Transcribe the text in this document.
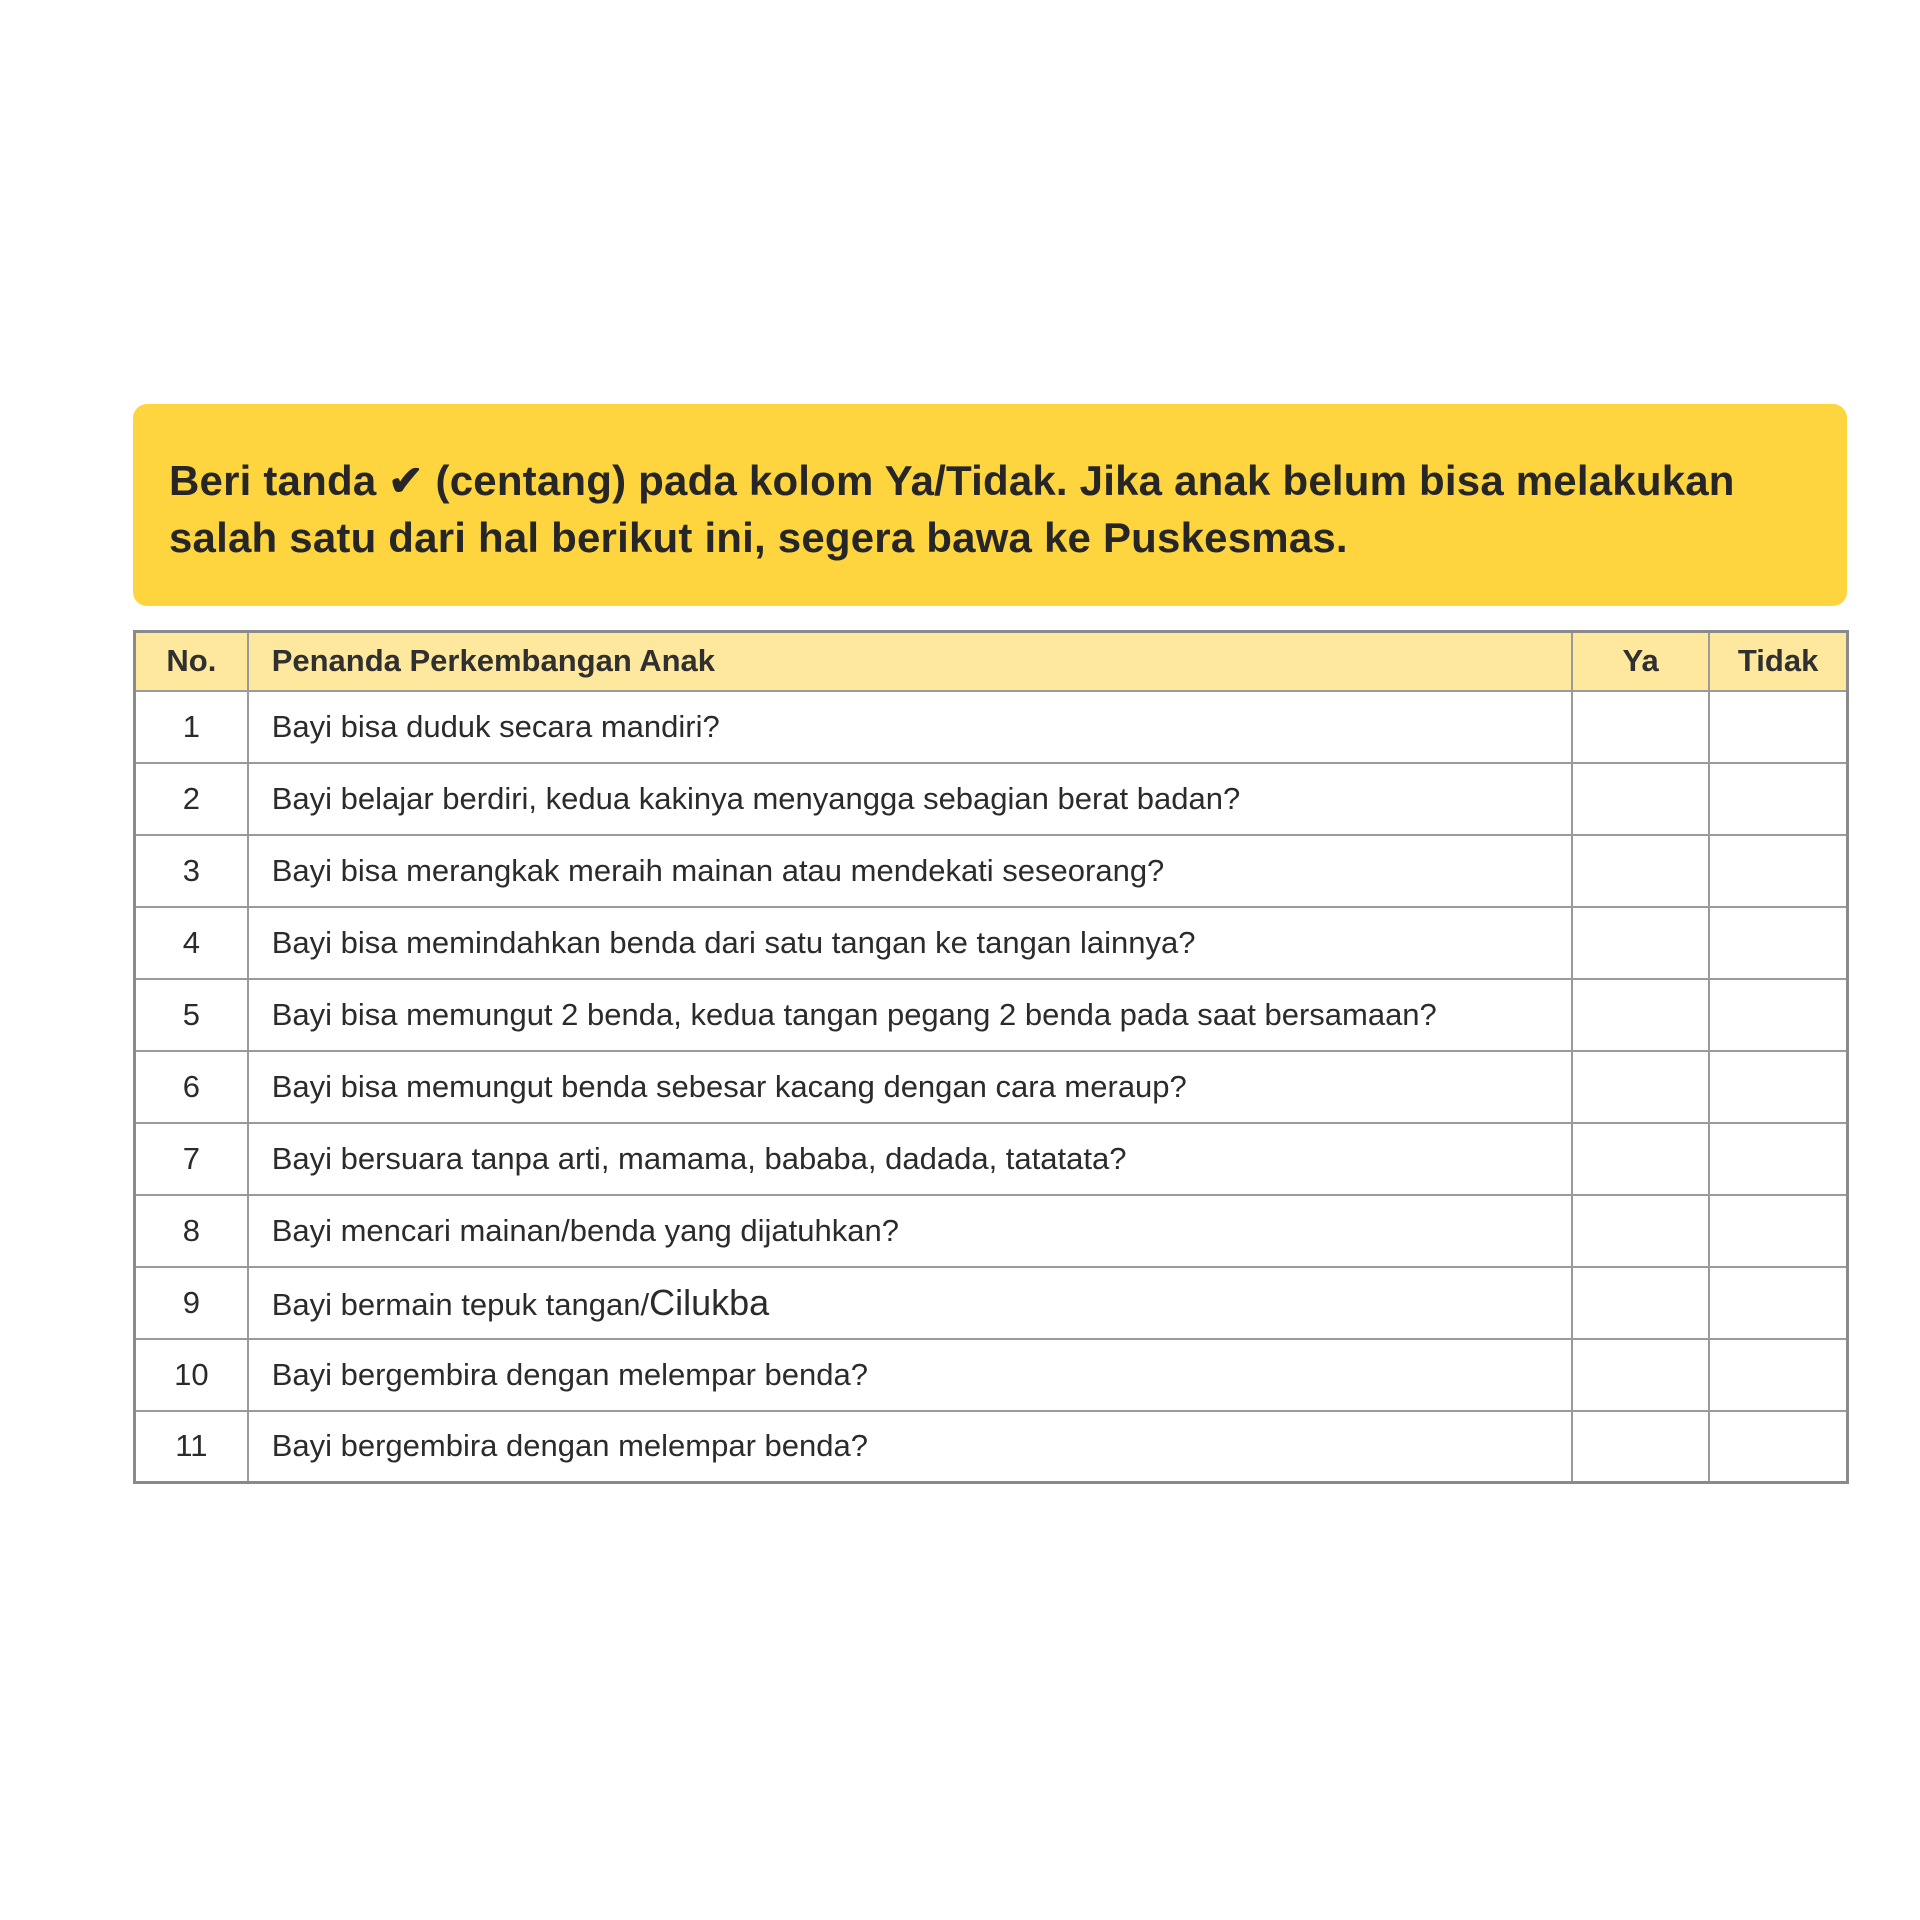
Beri tanda ✔ (centang) pada kolom Ya/Tidak. Jika anak belum bisa melakukan
salah satu dari hal berikut ini, segera bawa ke Puskesmas.

No.	Penanda Perkembangan Anak	Ya	Tidak
1	Bayi bisa duduk secara mandiri?		
2	Bayi belajar berdiri, kedua kakinya menyangga sebagian berat badan?		
3	Bayi bisa merangkak meraih mainan atau mendekati seseorang?		
4	Bayi bisa memindahkan benda dari satu tangan ke tangan lainnya?		
5	Bayi bisa memungut 2 benda, kedua tangan pegang 2 benda pada saat bersamaan?		
6	Bayi bisa memungut benda sebesar kacang dengan cara meraup?		
7	Bayi bersuara tanpa arti, mamama, bababa, dadada, tatatata?		
8	Bayi mencari mainan/benda yang dijatuhkan?		
9	Bayi bermain tepuk tangan/Cilukba		
10	Bayi bergembira dengan melempar benda?		
11	Bayi bergembira dengan melempar benda?		
